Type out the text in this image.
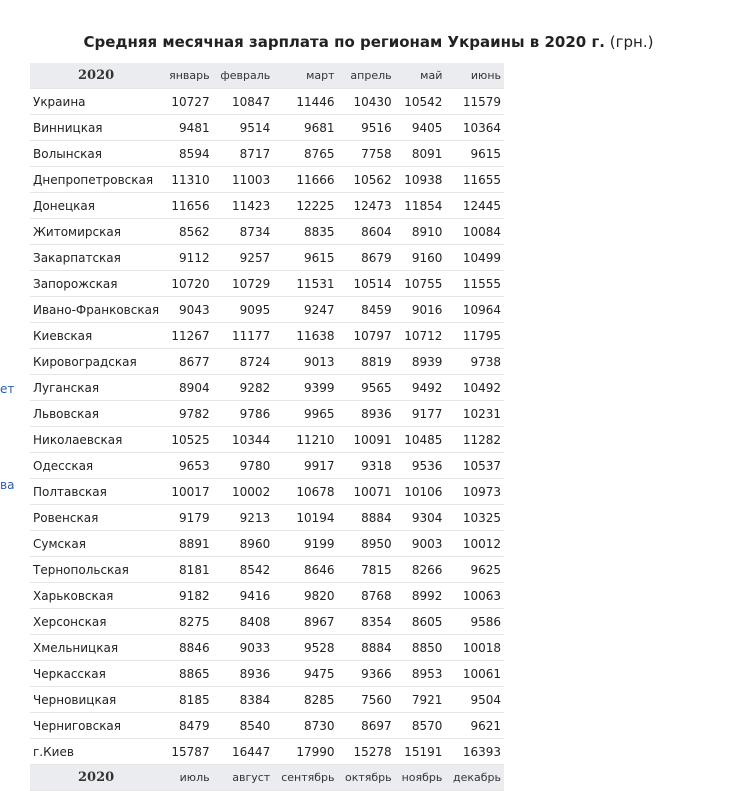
ет
ва
Средняя месячная зарплата по регионам Украины в 2020 г. (грн.)
2020	январь	февраль	март	апрель	май	июнь
Украина	10727	10847	11446	10430	10542	11579
Винницкая	9481	9514	9681	9516	9405	10364
Волынская	8594	8717	8765	7758	8091	9615
Днепропетровская	11310	11003	11666	10562	10938	11655
Донецкая	11656	11423	12225	12473	11854	12445
Житомирская	8562	8734	8835	8604	8910	10084
Закарпатская	9112	9257	9615	8679	9160	10499
Запорожская	10720	10729	11531	10514	10755	11555
Ивано-Франковская	9043	9095	9247	8459	9016	10964
Киевская	11267	11177	11638	10797	10712	11795
Кировоградская	8677	8724	9013	8819	8939	9738
Луганская	8904	9282	9399	9565	9492	10492
Львовская	9782	9786	9965	8936	9177	10231
Николаевская	10525	10344	11210	10091	10485	11282
Одесская	9653	9780	9917	9318	9536	10537
Полтавская	10017	10002	10678	10071	10106	10973
Ровенская	9179	9213	10194	8884	9304	10325
Сумская	8891	8960	9199	8950	9003	10012
Тернопольская	8181	8542	8646	7815	8266	9625
Харьковская	9182	9416	9820	8768	8992	10063
Херсонская	8275	8408	8967	8354	8605	9586
Хмельницкая	8846	9033	9528	8884	8850	10018
Черкасская	8865	8936	9475	9366	8953	10061
Черновицкая	8185	8384	8285	7560	7921	9504
Черниговская	8479	8540	8730	8697	8570	9621
г.Киев	15787	16447	17990	15278	15191	16393
2020	июль	август	сентябрь	октябрь	ноябрь	декабрь
